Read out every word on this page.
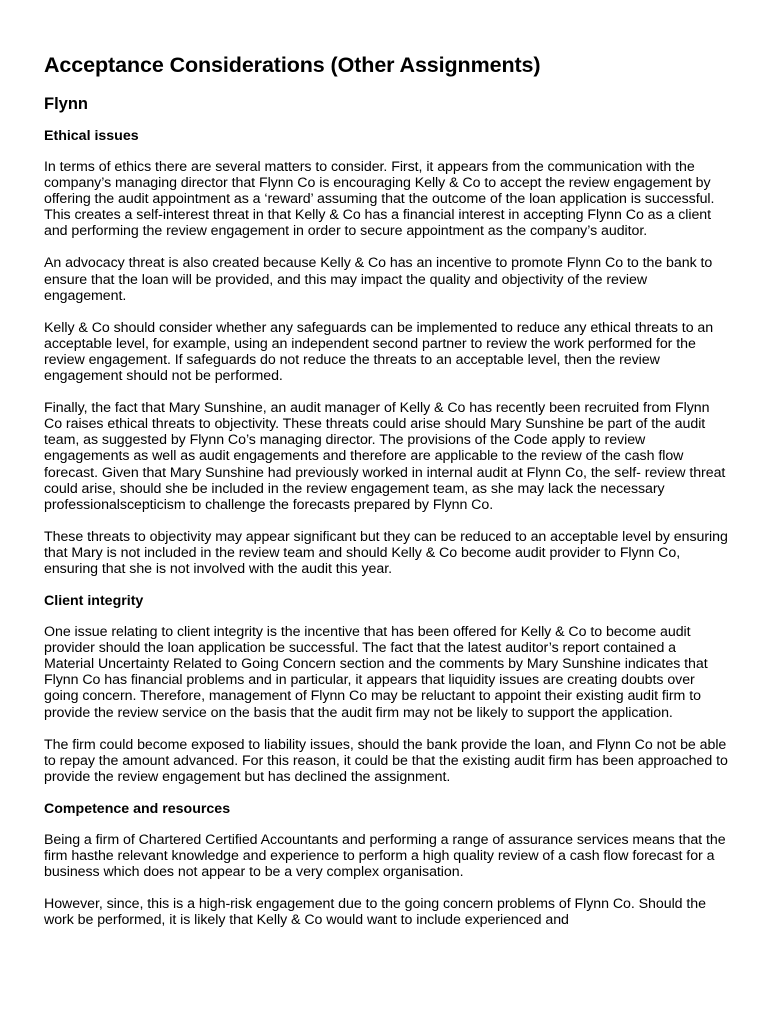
Acceptance Considerations (Other Assignments)
Flynn
Ethical issues

In terms of ethics there are several matters to consider. First, it appears from the communication with the company’s managing director that Flynn Co is encouraging Kelly & Co to accept the review engagement by offering the audit appointment as a ‘reward’ assuming that the outcome of the loan application is successful. This creates a self-interest threat in that Kelly & Co has a financial interest in accepting Flynn Co as a client and performing the review engagement in order to secure appointment as the company’s auditor.

An advocacy threat is also created because Kelly & Co has an incentive to promote Flynn Co to the bank to ensure that the loan will be provided, and this may impact the quality and objectivity of the review engagement.

Kelly & Co should consider whether any safeguards can be implemented to reduce any ethical threats to an acceptable level, for example, using an independent second partner to review the work performed for the review engagement. If safeguards do not reduce the threats to an acceptable level, then the review engagement should not be performed.

Finally, the fact that Mary Sunshine, an audit manager of Kelly & Co has recently been recruited from Flynn Co raises ethical threats to objectivity. These threats could arise should Mary Sunshine be part of the audit team, as suggested by Flynn Co’s managing director. The provisions of the Code apply to review engagements as well as audit engagements and therefore are applicable to the review of the cash flow forecast. Given that Mary Sunshine had previously worked in internal audit at Flynn Co, the self- review threat could arise, should she be included in the review engagement team, as she may lack the necessary professionalscepticism to challenge the forecasts prepared by Flynn Co.

These threats to objectivity may appear significant but they can be reduced to an acceptable level by ensuring that Mary is not included in the review team and should Kelly & Co become audit provider to Flynn Co, ensuring that she is not involved with the audit this year.

Client integrity

One issue relating to client integrity is the incentive that has been offered for Kelly & Co to become audit provider should the loan application be successful. The fact that the latest auditor’s report contained a Material Uncertainty Related to Going Concern section and the comments by Mary Sunshine indicates that Flynn Co has financial problems and in particular, it appears that liquidity issues are creating doubts over going concern. Therefore, management of Flynn Co may be reluctant to appoint their existing audit firm to provide the review service on the basis that the audit firm may not be likely to support the application.

The firm could become exposed to liability issues, should the bank provide the loan, and Flynn Co not be able to repay the amount advanced. For this reason, it could be that the existing audit firm has been approached to provide the review engagement but has declined the assignment.

Competence and resources

Being a firm of Chartered Certified Accountants and performing a range of assurance services means that the firm hasthe relevant knowledge and experience to perform a high quality review of a cash flow forecast for a business which does not appear to be a very complex organisation.

However, since, this is a high-risk engagement due to the going concern problems of Flynn Co. Should the work be performed, it is likely that Kelly & Co would want to include experienced and
